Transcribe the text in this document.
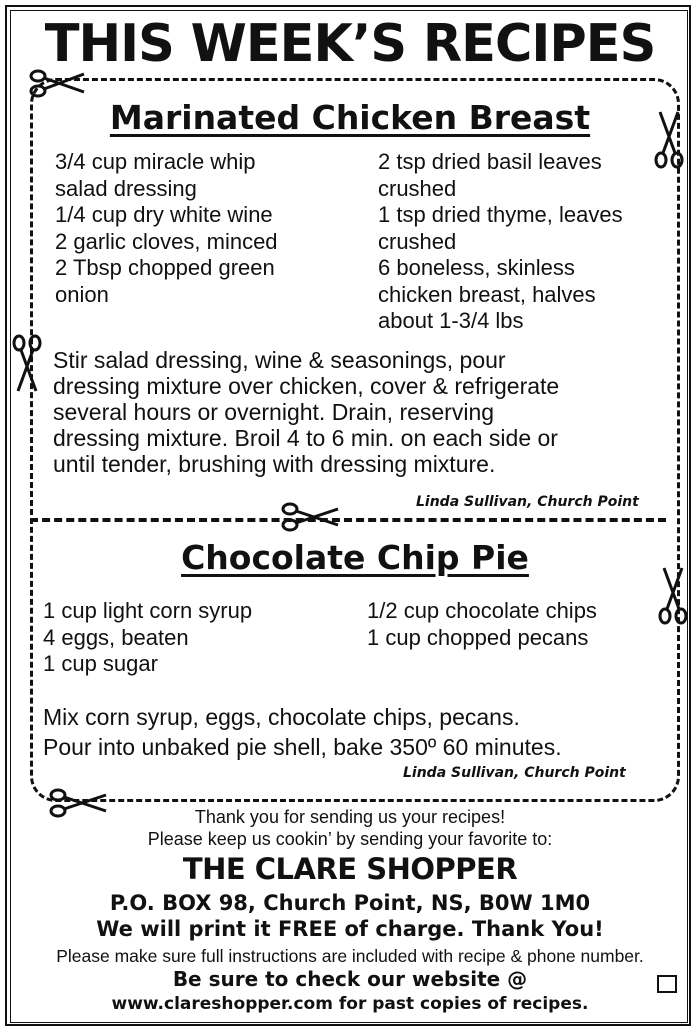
THIS WEEK’S RECIPES
Marinated Chicken Breast
3/4 cup miracle whip
salad dressing
1/4 cup dry white wine
2 garlic cloves, minced
2 Tbsp chopped green
onion
2 tsp dried basil leaves
crushed
1 tsp dried thyme, leaves
crushed
6 boneless, skinless
chicken breast, halves
about 1-3/4 lbs
Stir salad dressing, wine & seasonings, pour
dressing mixture over chicken, cover & refrigerate
several hours or overnight. Drain, reserving
dressing mixture. Broil 4 to 6 min. on each side or
until tender, brushing with dressing mixture.
Linda Sullivan, Church Point
Chocolate Chip Pie
1 cup light corn syrup
4 eggs, beaten
1 cup sugar
1/2 cup chocolate chips
1 cup chopped pecans
Mix corn syrup, eggs, chocolate chips, pecans.
Pour into unbaked pie shell, bake 350º 60 minutes.
Linda Sullivan, Church Point
Thank you for sending us your recipes!
Please keep us cookin’ by sending your favorite to:
THE CLARE SHOPPER
P.O. BOX 98, Church Point, NS, B0W 1M0
We will print it FREE of charge. Thank You!
Please make sure full instructions are included with recipe & phone number.
Be sure to check our website @
www.clareshopper.com for past copies of recipes.
